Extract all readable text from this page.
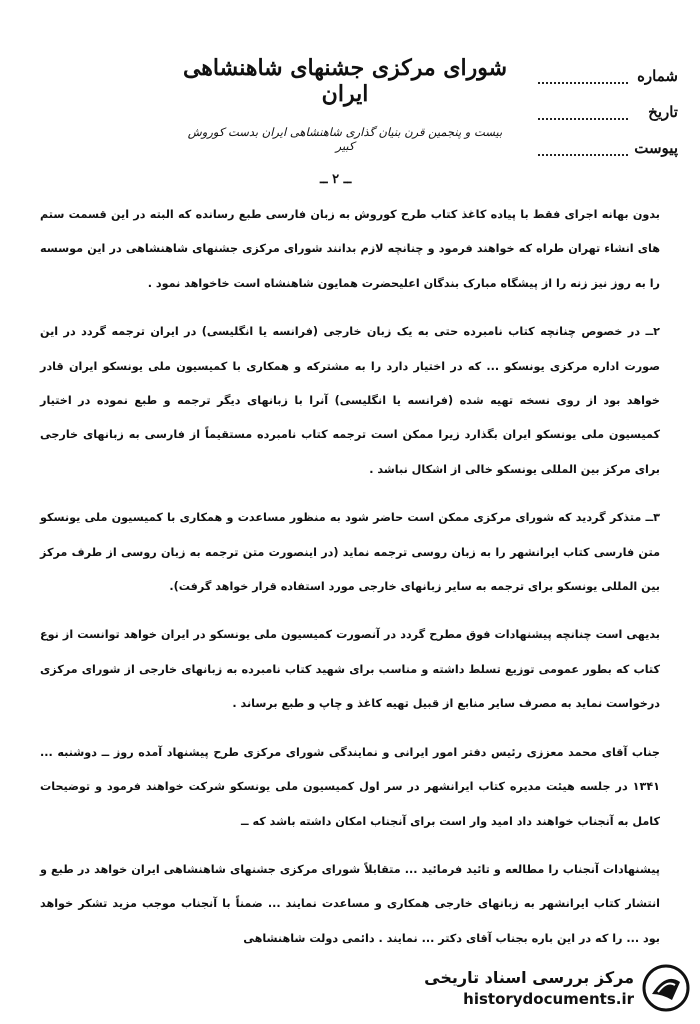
شورای مرکزی جشنهای شاهنشاهی ایران
بیست و پنجمین قرن بنیان گذاری شاهنشاهی ایران بدست کوروش کبیر
شماره
تاریخ
پیوست
ــ ۲ ــ

بدون بهانه اجرای فقط با پیاده کاغذ کتاب طرح کوروش به زبان فارسی طبع رسانده که البته در این قسمت ستم های انشاء تهران طراه که خواهند فرمود و چنانچه لازم بدانند شورای مرکزی جشنهای شاهنشاهی در این موسسه را به روز نیز زنه را از پیشگاه مبارک بندگان اعلیحضرت همایون شاهنشاه است خاخواهد نمود .

۲ــ در خصوص چنانچه کتاب نامبرده حتی به یک زبان خارجی (فرانسه یا انگلیسی) در ایران ترجمه گردد در این صورت اداره مرکزی یونسکو ... که در اختیار دارد را به مشترکه و همکاری با کمیسیون ملی یونسکو ایران قادر خواهد بود از روی نسخه تهیه شده (فرانسه یا انگلیسی) آنرا با زبانهای دیگر ترجمه و طبع نموده در اختیار کمیسیون ملی یونسکو ایران بگذارد زیرا ممکن است ترجمه کتاب نامبرده مستقیماً از فارسی به زبانهای خارجی برای مرکز بین المللی یونسکو خالی از اشکال نباشد .

۳ــ متذکر گردید که شورای مرکزی ممکن است حاضر شود به منظور مساعدت و همکاری با کمیسیون ملی یونسکو متن فارسی کتاب ایرانشهر را به زبان روسی ترجمه نماید (در اینصورت متن ترجمه به زبان روسی از طرف مرکز بین المللی یونسکو برای ترجمه به سایر زبانهای خارجی مورد استفاده قرار خواهد گرفت).

بدیهی است چنانچه پیشنهادات فوق مطرح گردد در آنصورت کمیسیون ملی یونسکو در ایران خواهد توانست از نوع کتاب که بطور عمومی توزیع تسلط داشته و مناسب برای شهید کتاب نامبرده به زبانهای خارجی از شورای مرکزی درخواست نماید به مصرف سایر منابع از قبیل تهیه کاغذ و چاپ و طبع برساند .

جناب آقای محمد معززی رئیس دفتر امور ایرانی و نمایندگی شورای مرکزی طرح پیشنهاد آمده روز ــ دوشنبه ... ۱۳۴۱ در جلسه هیئت مدیره کتاب ایرانشهر در سر اول کمیسیون ملی یونسکو شرکت خواهند فرمود و توضیحات کامل به آنجناب خواهند داد امید وار است برای آنجناب امکان داشته باشد که ــ

پیشنهادات آنجناب را مطالعه و تائید فرمائید ... متقابلاً شورای مرکزی جشنهای شاهنشاهی ایران خواهد در طبع و انتشار کتاب ایرانشهر به زبانهای خارجی همکاری و مساعدت نمایند ... ضمناً با آنجناب موجب مزید تشکر خواهد بود ... را که در این باره بجناب آقای دکتر ... نمایند . دائمی دولت شاهنشاهی

مرکز بررسی اسناد تاریخی
historydocuments.ir
